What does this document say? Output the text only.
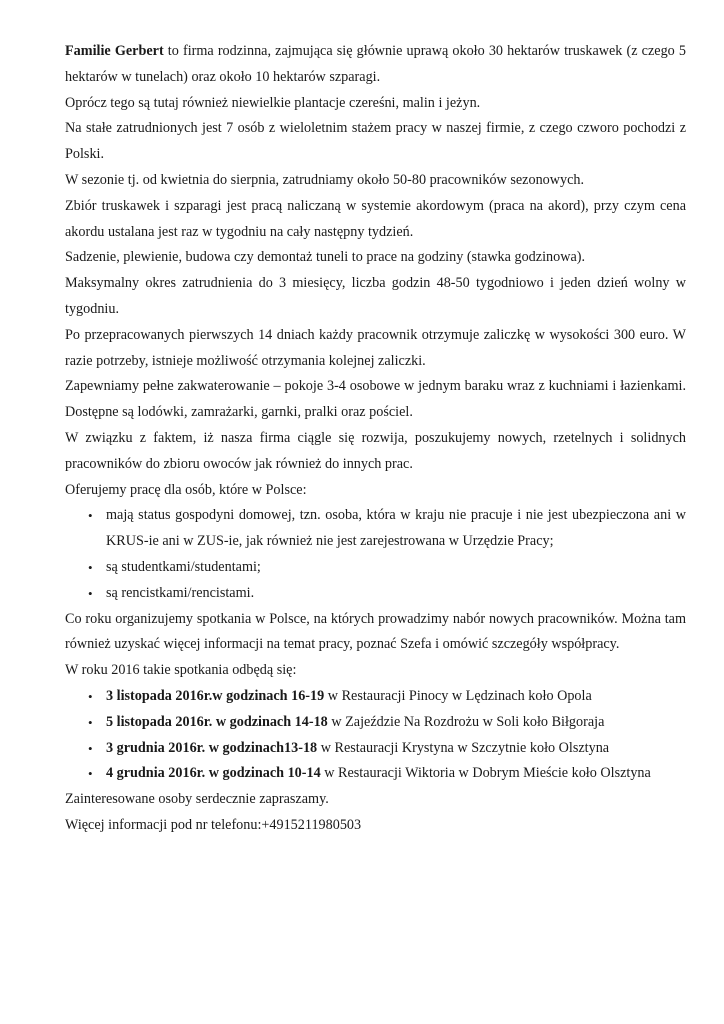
Familie Gerbert to firma rodzinna, zajmująca się głównie uprawą około 30 hektarów truskawek (z czego 5 hektarów w tunelach) oraz około 10 hektarów szparagi.

Oprócz tego są tutaj również niewielkie plantacje czereśni, malin i jeżyn.

Na stałe zatrudnionych jest 7 osób z wieloletnim stażem pracy w naszej firmie, z czego czworo pochodzi z Polski.

W sezonie tj. od kwietnia do sierpnia, zatrudniamy około 50-80 pracowników sezonowych.

Zbiór truskawek i szparagi jest pracą naliczaną w systemie akordowym (praca na akord), przy czym cena akordu ustalana jest raz w tygodniu na cały następny tydzień.

Sadzenie, plewienie, budowa czy demontaż tuneli to prace na godziny (stawka godzinowa).

Maksymalny okres zatrudnienia do 3 miesięcy, liczba godzin 48-50 tygodniowo i jeden dzień wolny w tygodniu.

Po przepracowanych pierwszych 14 dniach każdy pracownik otrzymuje zaliczkę w wysokości 300 euro. W razie potrzeby, istnieje możliwość otrzymania kolejnej zaliczki.

Zapewniamy pełne zakwaterowanie – pokoje 3-4 osobowe w jednym baraku wraz z kuchniami i łazienkami. Dostępne są lodówki, zamrażarki, garnki, pralki oraz pościel.

W związku z faktem, iż nasza firma ciągle się rozwija, poszukujemy nowych, rzetelnych i solidnych pracowników do zbioru owoców jak również do innych prac.

Oferujemy pracę dla osób, które w Polsce:

• mają status gospodyni domowej, tzn. osoba, która w kraju nie pracuje i nie jest ubezpieczona ani w KRUS-ie ani w ZUS-ie, jak również nie jest zarejestrowana w Urzędzie Pracy;
• są studentkami/studentami;
• są rencistkami/rencistami.

Co roku organizujemy spotkania w Polsce, na których prowadzimy nabór nowych pracowników. Można tam również uzyskać więcej informacji na temat pracy, poznać Szefa i omówić szczegóły współpracy.

W roku 2016 takie spotkania odbędą się:

• 3 listopada 2016r.w godzinach 16-19 w Restauracji Pinocy w Lędzinach koło Opola
• 5 listopada 2016r. w godzinach 14-18 w Zajeździe Na Rozdrożu w Soli koło Biłgoraja
• 3 grudnia 2016r. w godzinach13-18 w Restauracji Krystyna w Szczytnie koło Olsztyna
• 4 grudnia 2016r. w godzinach 10-14 w Restauracji Wiktoria w Dobrym Mieście koło Olsztyna

Zainteresowane osoby serdecznie zapraszamy.

Więcej informacji pod nr telefonu:+4915211980503
